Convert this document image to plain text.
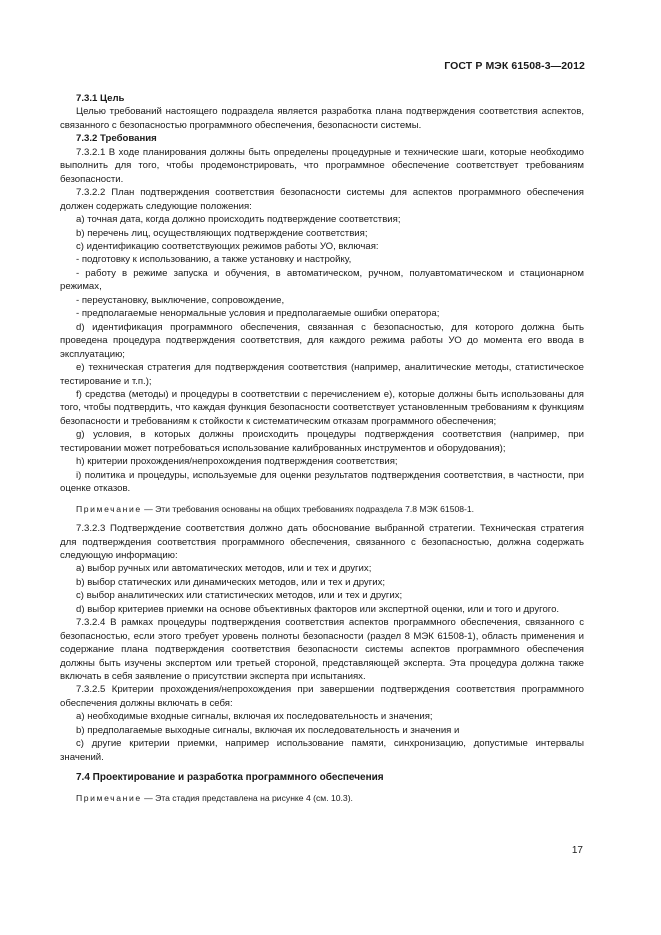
ГОСТ Р МЭК 61508-3—2012

7.3.1 Цель

Целью требований настоящего подраздела является разработка плана подтверждения соответствия аспектов, связанного с безопасностью программного обеспечения, безопасности системы.

7.3.2 Требования

7.3.2.1 В ходе планирования должны быть определены процедурные и технические шаги, которые необходимо выполнить для того, чтобы продемонстрировать, что программное обеспечение соответствует требованиям безопасности.

7.3.2.2 План подтверждения соответствия безопасности системы для аспектов программного обеспечения должен содержать следующие положения:

a) точная дата, когда должно происходить подтверждение соответствия;

b) перечень лиц, осуществляющих подтверждение соответствия;

c) идентификацию соответствующих режимов работы УО, включая:

- подготовку к использованию, а также установку и настройку,

- работу в режиме запуска и обучения, в автоматическом, ручном, полуавтоматическом и стационарном режимах,

- переустановку, выключение, сопровождение,

- предполагаемые ненормальные условия и предполагаемые ошибки оператора;

d) идентификация программного обеспечения, связанная с безопасностью, для которого должна быть проведена процедура подтверждения соответствия, для каждого режима работы УО до момента его ввода в эксплуатацию;

e) техническая стратегия для подтверждения соответствия (например, аналитические методы, статистическое тестирование и т.п.);

f) средства (методы) и процедуры в соответствии с перечислением e), которые должны быть использованы для того, чтобы подтвердить, что каждая функция безопасности соответствует установленным требованиям к функциям безопасности и требованиям к стойкости к систематическим отказам программного обеспечения;

g) условия, в которых должны происходить процедуры подтверждения соответствия (например, при тестировании может потребоваться использование калиброванных инструментов и оборудования);

h) критерии прохождения/непрохождения подтверждения соответствия;

i) политика и процедуры, используемые для оценки результатов подтверждения соответствия, в частности, при оценке отказов.

Примечание — Эти требования основаны на общих требованиях подраздела 7.8 МЭК 61508-1.

7.3.2.3 Подтверждение соответствия должно дать обоснование выбранной стратегии. Техническая стратегия для подтверждения соответствия программного обеспечения, связанного с безопасностью, должна содержать следующую информацию:

a) выбор ручных или автоматических методов, или и тех и других;

b) выбор статических или динамических методов, или и тех и других;

c) выбор аналитических или статистических методов, или и тех и других;

d) выбор критериев приемки на основе объективных факторов или экспертной оценки, или и того и другого.

7.3.2.4 В рамках процедуры подтверждения соответствия аспектов программного обеспечения, связанного с безопасностью, если этого требует уровень полноты безопасности (раздел 8 МЭК 61508-1), область применения и содержание плана подтверждения соответствия безопасности системы аспектов программного обеспечения должны быть изучены экспертом или третьей стороной, представляющей эксперта. Эта процедура должна также включать в себя заявление о присутствии эксперта при испытаниях.

7.3.2.5 Критерии прохождения/непрохождения при завершении подтверждения соответствия программного обеспечения должны включать в себя:

a) необходимые входные сигналы, включая их последовательность и значения;

b) предполагаемые выходные сигналы, включая их последовательность и значения и

c) другие критерии приемки, например использование памяти, синхронизацию, допустимые интервалы значений.

7.4 Проектирование и разработка программного обеспечения

Примечание — Эта стадия представлена на рисунке 4 (см. 10.3).

17
